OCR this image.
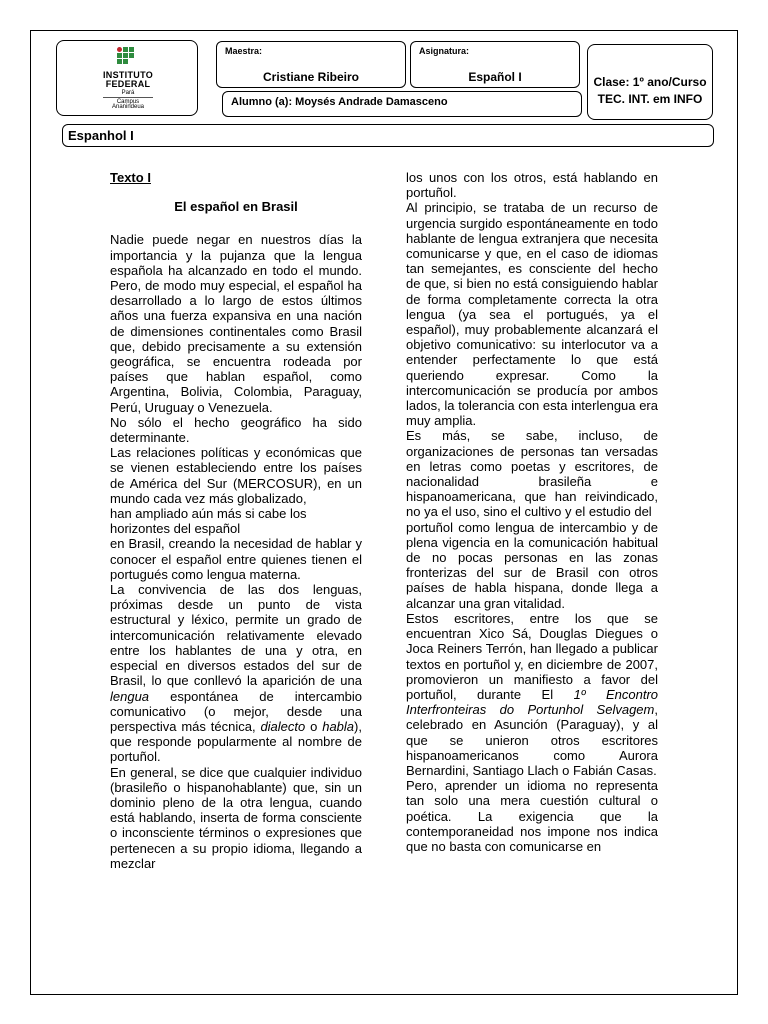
INSTITUTO
FEDERAL
Pará
Campus
Ananindeua
Maestra:
Cristiane Ribeiro
Asignatura:
Español I
Alumno (a): Moysés Andrade Damasceno
Clase: 1º ano/Curso
TEC. INT. em INFO
Espanhol I
Texto I
El español en Brasil

Nadie puede negar en nuestros días la importancia y la pujanza que la lengua española ha alcanzado en todo el mundo. Pero, de modo muy especial, el español ha desarrollado a lo largo de estos últimos años una fuerza expansiva en una nación de dimensiones continentales como Brasil que, debido precisamente a su extensión geográfica, se encuentra rodeada por países que hablan español, como Argentina, Bolivia, Colombia, Paraguay, Perú, Uruguay o Venezuela.

No sólo el hecho geográfico ha sido determinante.

Las relaciones políticas y económicas que se vienen estableciendo entre los países de América del Sur (MERCOSUR), en un mundo cada vez más globalizado,

han ampliado aún más si cabe los horizontes del español

en Brasil, creando la necesidad de hablar y conocer el español entre quienes tienen el portugués como lengua materna.

La convivencia de las dos lenguas, próximas desde un punto de vista estructural y léxico, permite un grado de intercomunicación relativamente elevado entre los hablantes de una y otra, en especial en diversos estados del sur de Brasil, lo que conllevó la aparición de una lengua espontánea de intercambio comunicativo (o mejor, desde una perspectiva más técnica, dialecto o habla), que responde popularmente al nombre de portuñol.

En general, se dice que cualquier individuo (brasileño o hispanohablante) que, sin un dominio pleno de la otra lengua, cuando está hablando, inserta de forma consciente o inconsciente términos o expresiones que pertenecen a su propio idioma, llegando a mezclar

los unos con los otros, está hablando en portuñol.

Al principio, se trataba de un recurso de urgencia surgido espontáneamente en todo hablante de lengua extranjera que necesita comunicarse y que, en el caso de idiomas tan semejantes, es consciente del hecho de que, si bien no está consiguiendo hablar de forma completamente correcta la otra lengua (ya sea el portugués, ya el español), muy probablemente alcanzará el objetivo comunicativo: su interlocutor va a entender perfectamente lo que está queriendo expresar. Como la intercomunicación se producía por ambos lados, la tolerancia con esta interlengua era muy amplia.

Es más, se sabe, incluso, de organizaciones de personas tan versadas en letras como poetas y escritores, de nacionalidad brasileña e hispanoamericana, que han reivindicado, no ya el uso, sino el cultivo y el estudio del

portuñol como lengua de intercambio y de plena vigencia en la comunicación habitual de no pocas personas en las zonas fronterizas del sur de Brasil con otros países de habla hispana, donde llega a alcanzar una gran vitalidad.

Estos escritores, entre los que se encuentran Xico Sá, Douglas Diegues o Joca Reiners Terrón, han llegado a publicar textos en portuñol y, en diciembre de 2007, promovieron un manifiesto a favor del portuñol, durante El 1º Encontro Interfronteiras do Portunhol Selvagem, celebrado en Asunción (Paraguay), y al que se unieron otros escritores hispanoamericanos como Aurora Bernardini, Santiago Llach o Fabián Casas.

Pero, aprender un idioma no representa tan solo una mera cuestión cultural o poética. La exigencia que la contemporaneidad nos impone nos indica que no basta con comunicarse en
